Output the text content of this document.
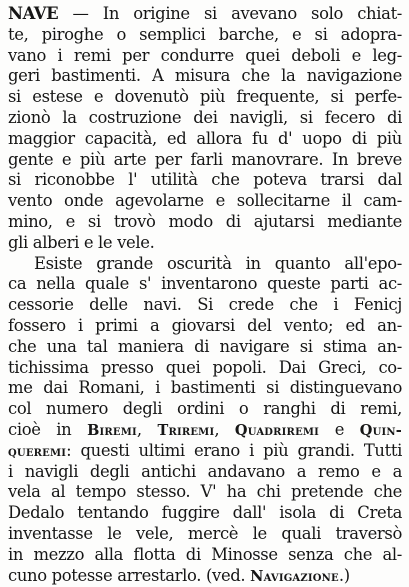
NAVE — In origine si avevano solo chiat-
te, piroghe o semplici barche, e si adopra-
vano i remi per condurre quei deboli e leg-
geri bastimenti. A misura che la navigazione
si estese e dovenutò più frequente, si perfe-
zionò la costruzione dei navigli, si fecero di
maggior capacità, ed allora fu d' uopo di più
gente e più arte per farli manovrare. In breve
si riconobbe l' utilità che poteva trarsi dal
vento onde agevolarne e sollecitarne il cam-
mino, e si trovò modo di ajutarsi mediante
gli alberi e le vele.
Esiste grande oscurità in quanto all'epo-
ca nella quale s' inventarono queste parti ac-
cessorie delle navi. Si crede che i Fenicj
fossero i primi a giovarsi del vento; ed an-
che una tal maniera di navigare si stima an-
tichissima presso quei popoli. Dai Greci, co-
me dai Romani, i bastimenti si distinguevano
col numero degli ordini o ranghi di remi,
cioè in Biremi, Triremi, Quadriremi e Quin-
queremi: questi ultimi erano i più grandi. Tutti
i navigli degli antichi andavano a remo e a
vela al tempo stesso. V' ha chi pretende che
Dedalo tentando fuggire dall' isola di Creta
inventasse le vele, mercè le quali traversò
in mezzo alla flotta di Minosse senza che al-
cuno potesse arrestarlo. (ved. Navigazione.)
